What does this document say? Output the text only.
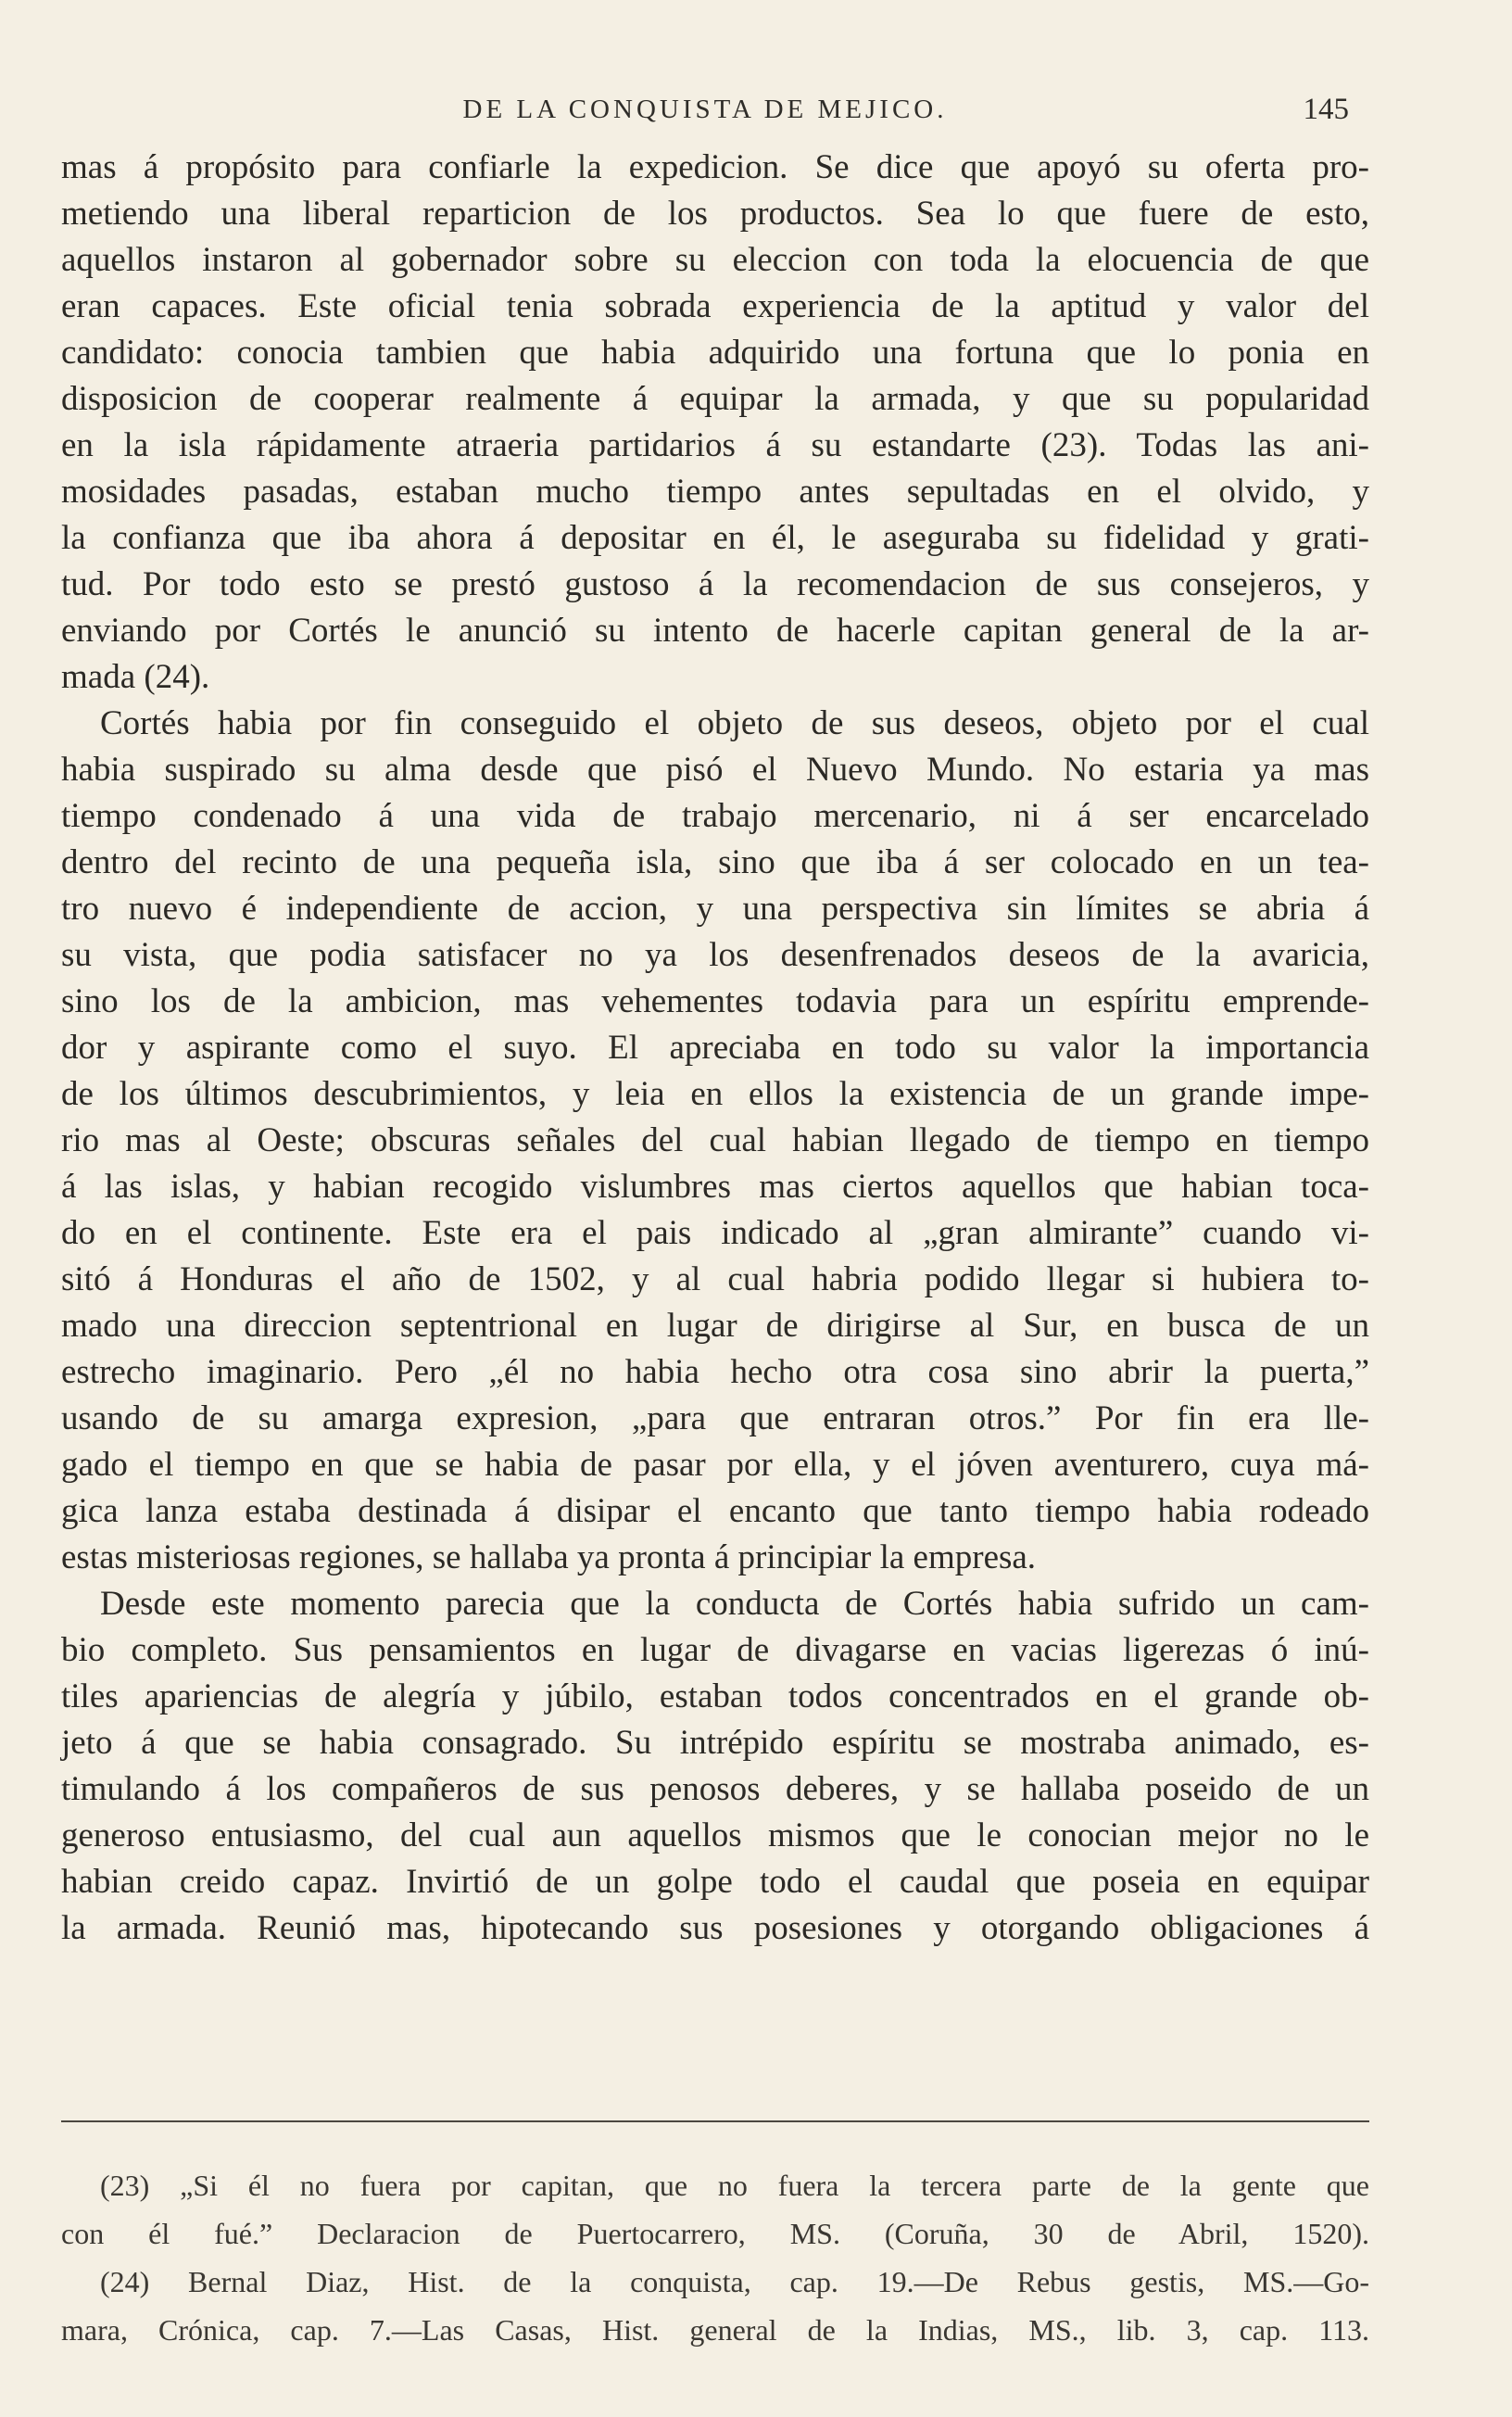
DE LA CONQUISTA DE MEJICO.	145
mas á propósito para confiarle la expedicion. Se dice que apoyó su oferta pro-
metiendo una liberal reparticion de los productos. Sea lo que fuere de esto,
aquellos instaron al gobernador sobre su eleccion con toda la elocuencia de que
eran capaces. Este oficial tenia sobrada experiencia de la aptitud y valor del
candidato: conocia tambien que habia adquirido una fortuna que lo ponia en
disposicion de cooperar realmente á equipar la armada, y que su popularidad
en la isla rápidamente atraeria partidarios á su estandarte (23). Todas las ani-
mosidades pasadas, estaban mucho tiempo antes sepultadas en el olvido, y
la confianza que iba ahora á depositar en él, le aseguraba su fidelidad y grati-
tud. Por todo esto se prestó gustoso á la recomendacion de sus consejeros, y
enviando por Cortés le anunció su intento de hacerle capitan general de la ar-
mada (24).
Cortés habia por fin conseguido el objeto de sus deseos, objeto por el cual
habia suspirado su alma desde que pisó el Nuevo Mundo. No estaria ya mas
tiempo condenado á una vida de trabajo mercenario, ni á ser encarcelado
dentro del recinto de una pequeña isla, sino que iba á ser colocado en un tea-
tro nuevo é independiente de accion, y una perspectiva sin límites se abria á
su vista, que podia satisfacer no ya los desenfrenados deseos de la avaricia,
sino los de la ambicion, mas vehementes todavia para un espíritu emprende-
dor y aspirante como el suyo. El apreciaba en todo su valor la importancia
de los últimos descubrimientos, y leia en ellos la existencia de un grande impe-
rio mas al Oeste; obscuras señales del cual habian llegado de tiempo en tiempo
á las islas, y habian recogido vislumbres mas ciertos aquellos que habian toca-
do en el continente. Este era el pais indicado al „gran almirante” cuando vi-
sitó á Honduras el año de 1502, y al cual habria podido llegar si hubiera to-
mado una direccion septentrional en lugar de dirigirse al Sur, en busca de un
estrecho imaginario. Pero „él no habia hecho otra cosa sino abrir la puerta,”
usando de su amarga expresion, „para que entraran otros.” Por fin era lle-
gado el tiempo en que se habia de pasar por ella, y el jóven aventurero, cuya má-
gica lanza estaba destinada á disipar el encanto que tanto tiempo habia rodeado
estas misteriosas regiones, se hallaba ya pronta á principiar la empresa.
Desde este momento parecia que la conducta de Cortés habia sufrido un cam-
bio completo. Sus pensamientos en lugar de divagarse en vacias ligerezas ó inú-
tiles apariencias de alegría y júbilo, estaban todos concentrados en el grande ob-
jeto á que se habia consagrado. Su intrépido espíritu se mostraba animado, es-
timulando á los compañeros de sus penosos deberes, y se hallaba poseido de un
generoso entusiasmo, del cual aun aquellos mismos que le conocian mejor no le
habian creido capaz. Invirtió de un golpe todo el caudal que poseia en equipar
la armada. Reunió mas, hipotecando sus posesiones y otorgando obligaciones á
(23) „Si él no fuera por capitan, que no fuera la tercera parte de la gente que
con él fué.” Declaracion de Puertocarrero, MS. (Coruña, 30 de Abril, 1520).
(24) Bernal Diaz, Hist. de la conquista, cap. 19.—De Rebus gestis, MS.—Go-
mara, Crónica, cap. 7.—Las Casas, Hist. general de la Indias, MS., lib. 3, cap. 113.
